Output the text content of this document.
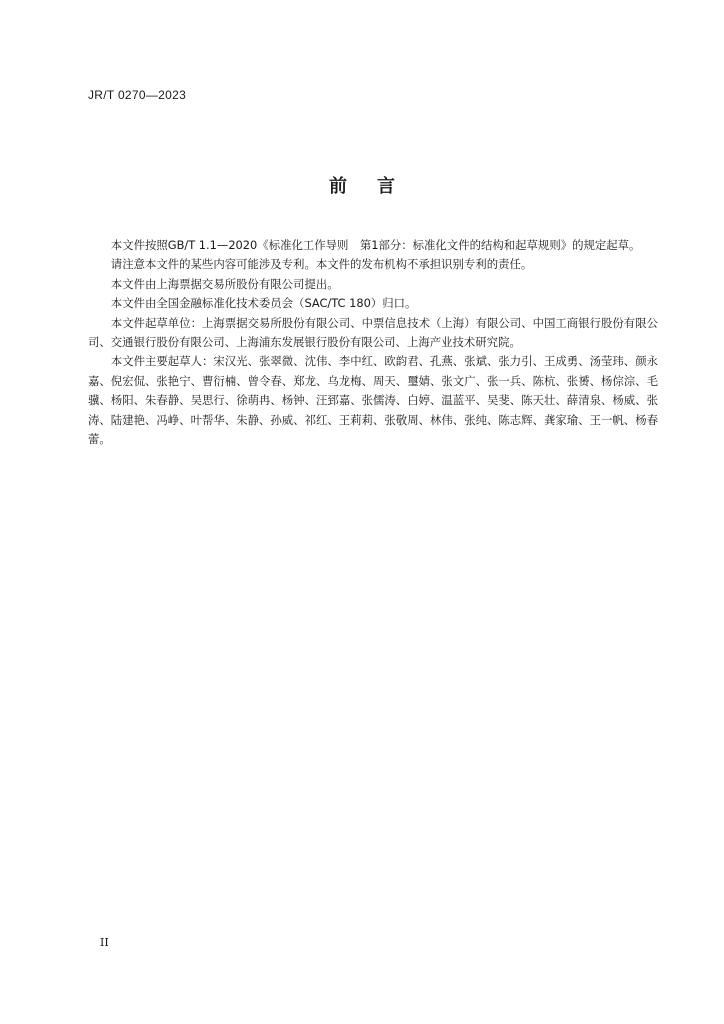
JR/T 0270—2023
前言

本文件按照GB/T 1.1—2020《标准化工作导则　第1部分：标准化文件的结构和起草规则》的规定起草。

请注意本文件的某些内容可能涉及专利。本文件的发布机构不承担识别专利的责任。

本文件由上海票据交易所股份有限公司提出。

本文件由全国金融标准化技术委员会（SAC/TC 180）归口。

本文件起草单位：上海票据交易所股份有限公司、中票信息技术（上海）有限公司、中国工商银行股份有限公司、交通银行股份有限公司、上海浦东发展银行股份有限公司、上海产业技术研究院。

本文件主要起草人：宋汉光、张翠微、沈伟、李中红、欧韵君、孔燕、张斌、张力引、王成勇、汤莹玮、颜永嘉、倪宏侃、张艳宁、曹衍楠、曾令春、郑龙、乌龙梅、周天、璽婧、张文广、张一兵、陈杭、张赟、杨倧淙、毛骥、杨阳、朱春静、吴思行、徐萌冉、杨钟、汪郅嘉、张儒涛、白婷、温蓝平、吴斐、陈天壮、薛清泉、杨威、张涛、陆建艳、冯峥、叶帮华、朱静、孙威、祁红、王莉莉、张敬周、林伟、张纯、陈志辉、龚家瑜、王一帆、杨春蕾。

II
